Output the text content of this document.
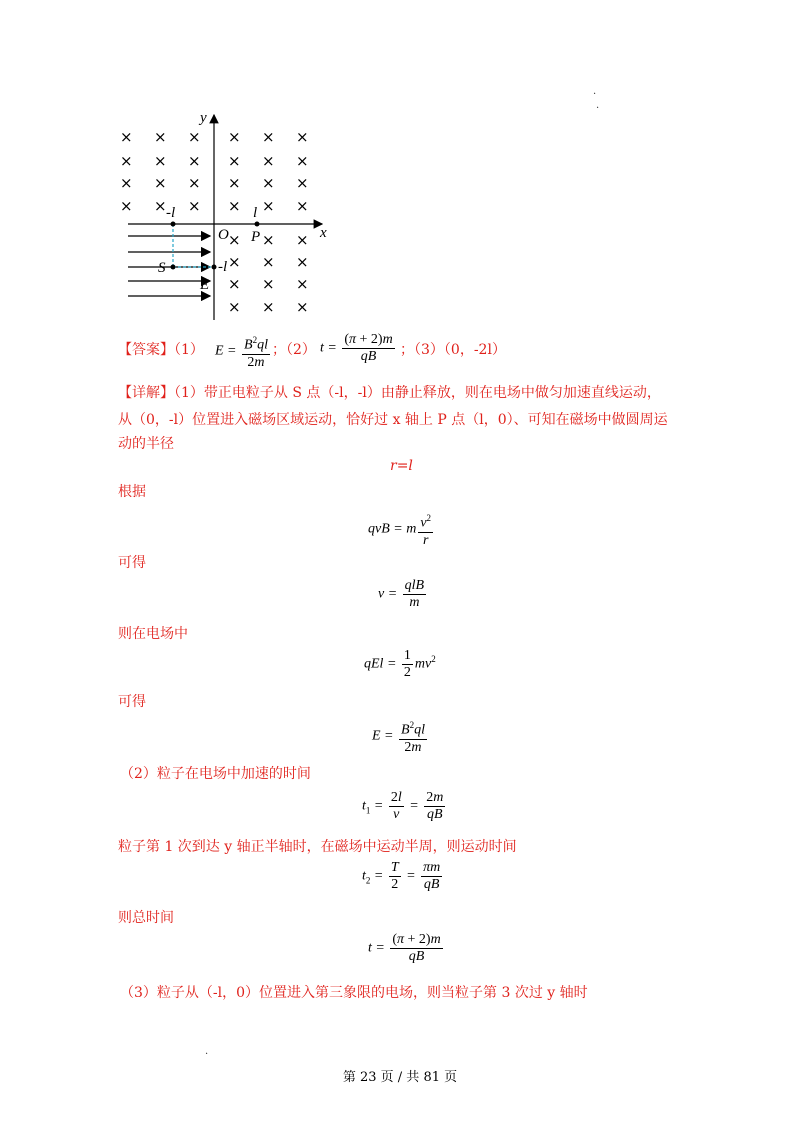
× × × × × ×
× × × × × ×
× × × × × ×
× × × × × ×
× × ×
× × ×
× × ×
× × ×
y
x
O
-l	l
P
S	-l
E
.
.
【答案】（1） $E = \frac{B^2ql}{2m}$ ；（2） $t = \frac{(\pi + 2)m}{qB}$ ；（3）（0，-2l）
【详解】（1）带正电粒子从 S 点（-l，-l）由静止释放，则在电场中做匀加速直线运动，
从（0，-l）位置进入磁场区域运动，恰好过 x 轴上 P 点（l，0）、可知在磁场中做圆周运
动的半径
r=l
根据
qvB = m $\frac{v^2}{r}$
可得
$v = \frac{\text{qlB}}{m}$
则在电场中
qEl = $\frac{1}{2} mv^2$
可得
$E = \frac{B^2ql}{2m}$
（2）粒子在电场中加速的时间
$t_1 = \frac{2l}{v} = \frac{2m}{qB}$
粒子第 1 次到达 y 轴正半轴时，在磁场中运动半周，则运动时间
$t_2 = \frac{T}{2} = \frac{\pi m}{qB}$
则总时间
$t = \frac{(\pi + 2)m}{qB}$
（3）粒子从（-l，0）位置进入第三象限的电场，则当粒子第 3 次过 y 轴时
.
第 23 页 / 共 81 页
